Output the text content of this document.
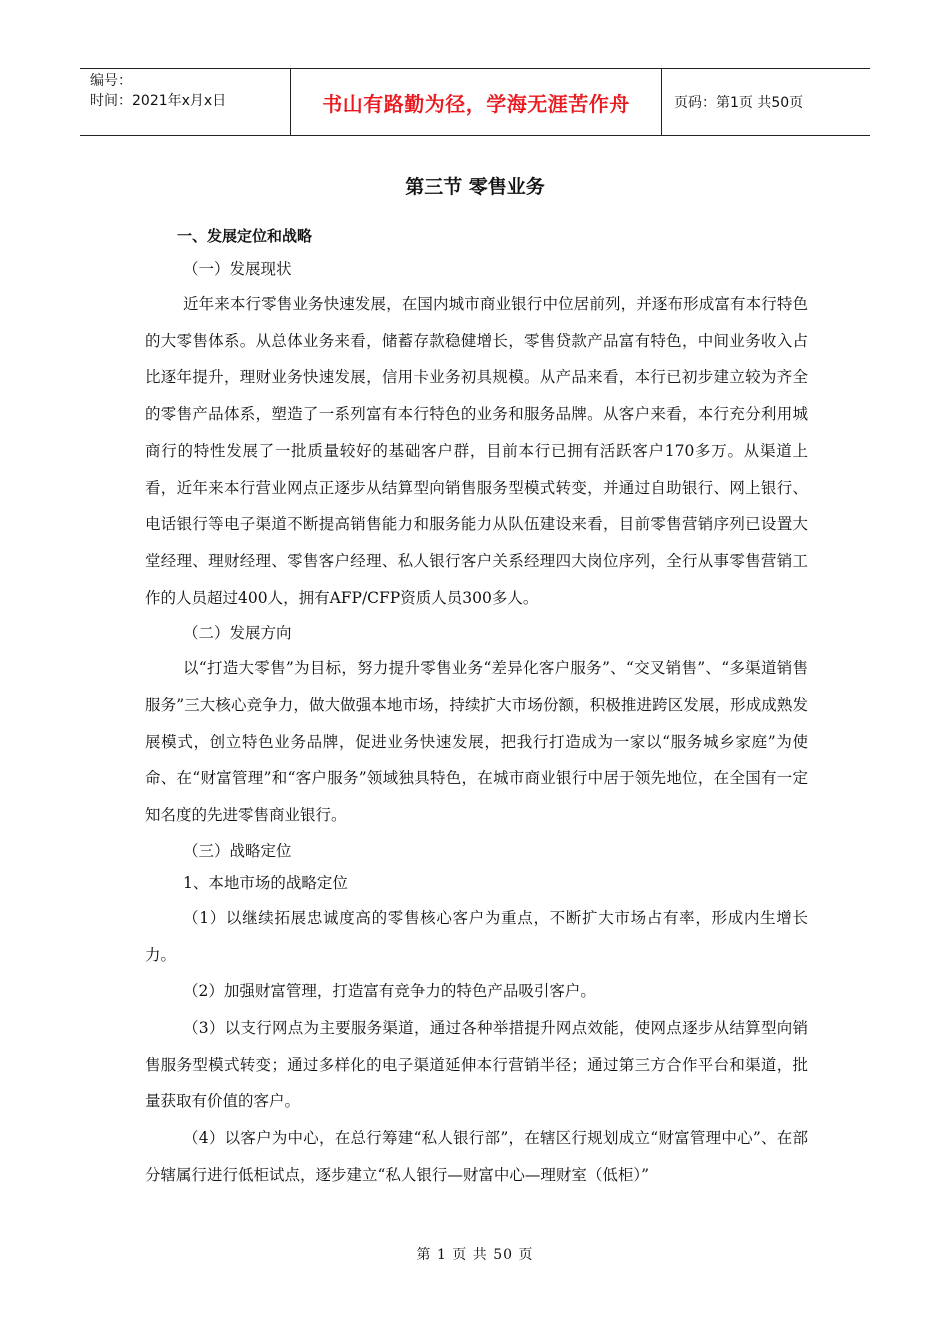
编号：
时间：2021年x月x日	书山有路勤为径，学海无涯苦作舟	页码：第1页 共50页
第三节 零售业务

一、发展定位和战略

（一）发展现状

近年来本行零售业务快速发展，在国内城市商业银行中位居前列，并逐布形成富有本行特色的大零售体系。从总体业务来看，储蓄存款稳健增长，零售贷款产品富有特色，中间业务收入占比逐年提升，理财业务快速发展，信用卡业务初具规模。从产品来看，本行已初步建立较为齐全的零售产品体系，塑造了一系列富有本行特色的业务和服务品牌。从客户来看，本行充分利用城商行的特性发展了一批质量较好的基础客户群，目前本行已拥有活跃客户170多万。从渠道上看，近年来本行营业网点正逐步从结算型向销售服务型模式转变，并通过自助银行、网上银行、电话银行等电子渠道不断提高销售能力和服务能力从队伍建设来看，目前零售营销序列已设置大堂经理、理财经理、零售客户经理、私人银行客户关系经理四大岗位序列，全行从事零售营销工作的人员超过400人，拥有AFP/CFP资质人员300多人。

（二）发展方向

以“打造大零售”为目标，努力提升零售业务“差异化客户服务”、“交叉销售”、“多渠道销售服务”三大核心竞争力，做大做强本地市场，持续扩大市场份额，积极推进跨区发展，形成成熟发展模式，创立特色业务品牌，促进业务快速发展，把我行打造成为一家以“服务城乡家庭”为使命、在“财富管理”和“客户服务”领域独具特色，在城市商业银行中居于领先地位，在全国有一定知名度的先进零售商业银行。

（三）战略定位

1、本地市场的战略定位

（1）以继续拓展忠诚度高的零售核心客户为重点，不断扩大市场占有率，形成内生增长力。

（2）加强财富管理，打造富有竞争力的特色产品吸引客户。

（3）以支行网点为主要服务渠道，通过各种举措提升网点效能，使网点逐步从结算型向销售服务型模式转变；通过多样化的电子渠道延伸本行营销半径；通过第三方合作平台和渠道，批量获取有价值的客户。

（4）以客户为中心，在总行筹建“私人银行部”，在辖区行规划成立“财富管理中心”、在部分辖属行进行低柜试点，逐步建立“私人银行—财富中心—理财室（低柜）”

第 1 页 共 50 页
